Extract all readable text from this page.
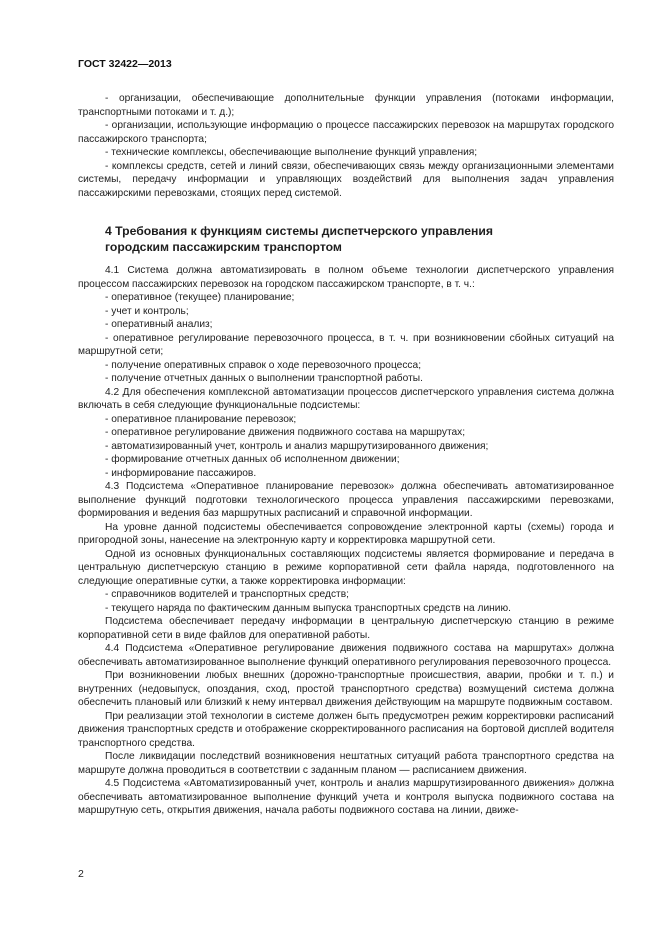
ГОСТ 32422—2013

- организации, обеспечивающие дополнительные функции управления (потоками информации, транспортными потоками и т. д.);

- организации, использующие информацию о процессе пассажирских перевозок на маршрутах городского пассажирского транспорта;

- технические комплексы, обеспечивающие выполнение функций управления;

- комплексы средств, сетей и линий связи, обеспечивающих связь между организационными элементами системы, передачу информации и управляющих воздействий для выполнения задач управления пассажирскими перевозками, стоящих перед системой.

4 Требования к функциям системы диспетчерского управления
городским пассажирским транспортом

4.1 Система должна автоматизировать в полном объеме технологии диспетчерского управления процессом пассажирских перевозок на городском пассажирском транспорте, в т. ч.:

- оперативное (текущее) планирование;

- учет и контроль;

- оперативный анализ;

- оперативное регулирование перевозочного процесса, в т. ч. при возникновении сбойных ситуаций на маршрутной сети;

- получение оперативных справок о ходе перевозочного процесса;

- получение отчетных данных о выполнении транспортной работы.

4.2 Для обеспечения комплексной автоматизации процессов диспетчерского управления система должна включать в себя следующие функциональные подсистемы:

- оперативное планирование перевозок;

- оперативное регулирование движения подвижного состава на маршрутах;

- автоматизированный учет, контроль и анализ маршрутизированного движения;

- формирование отчетных данных об исполненном движении;

- информирование пассажиров.

4.3 Подсистема «Оперативное планирование перевозок» должна обеспечивать автоматизированное выполнение функций подготовки технологического процесса управления пассажирскими перевозками, формирования и ведения баз маршрутных расписаний и справочной информации.

На уровне данной подсистемы обеспечивается сопровождение электронной карты (схемы) города и пригородной зоны, нанесение на электронную карту и корректировка маршрутной сети.

Одной из основных функциональных составляющих подсистемы является формирование и передача в центральную диспетчерскую станцию в режиме корпоративной сети файла наряда, подготовленного на следующие оперативные сутки, а также корректировка информации:

- справочников водителей и транспортных средств;

- текущего наряда по фактическим данным выпуска транспортных средств на линию.

Подсистема обеспечивает передачу информации в центральную диспетчерскую станцию в режиме корпоративной сети в виде файлов для оперативной работы.

4.4 Подсистема «Оперативное регулирование движения подвижного состава на маршрутах» должна обеспечивать автоматизированное выполнение функций оперативного регулирования перевозочного процесса.

При возникновении любых внешних (дорожно-транспортные происшествия, аварии, пробки и т. п.) и внутренних (недовыпуск, опоздания, сход, простой транспортного средства) возмущений система должна обеспечить плановый или близкий к нему интервал движения действующим на маршруте подвижным составом.

При реализации этой технологии в системе должен быть предусмотрен режим корректировки расписаний движения транспортных средств и отображение скорректированного расписания на бортовой дисплей водителя транспортного средства.

После ликвидации последствий возникновения нештатных ситуаций работа транспортного средства на маршруте должна проводиться в соответствии с заданным планом — расписанием движения.

4.5 Подсистема «Автоматизированный учет, контроль и анализ маршрутизированного движения» должна обеспечивать автоматизированное выполнение функций учета и контроля выпуска подвижного состава на маршрутную сеть, открытия движения, начала работы подвижного состава на линии, движе-

2
